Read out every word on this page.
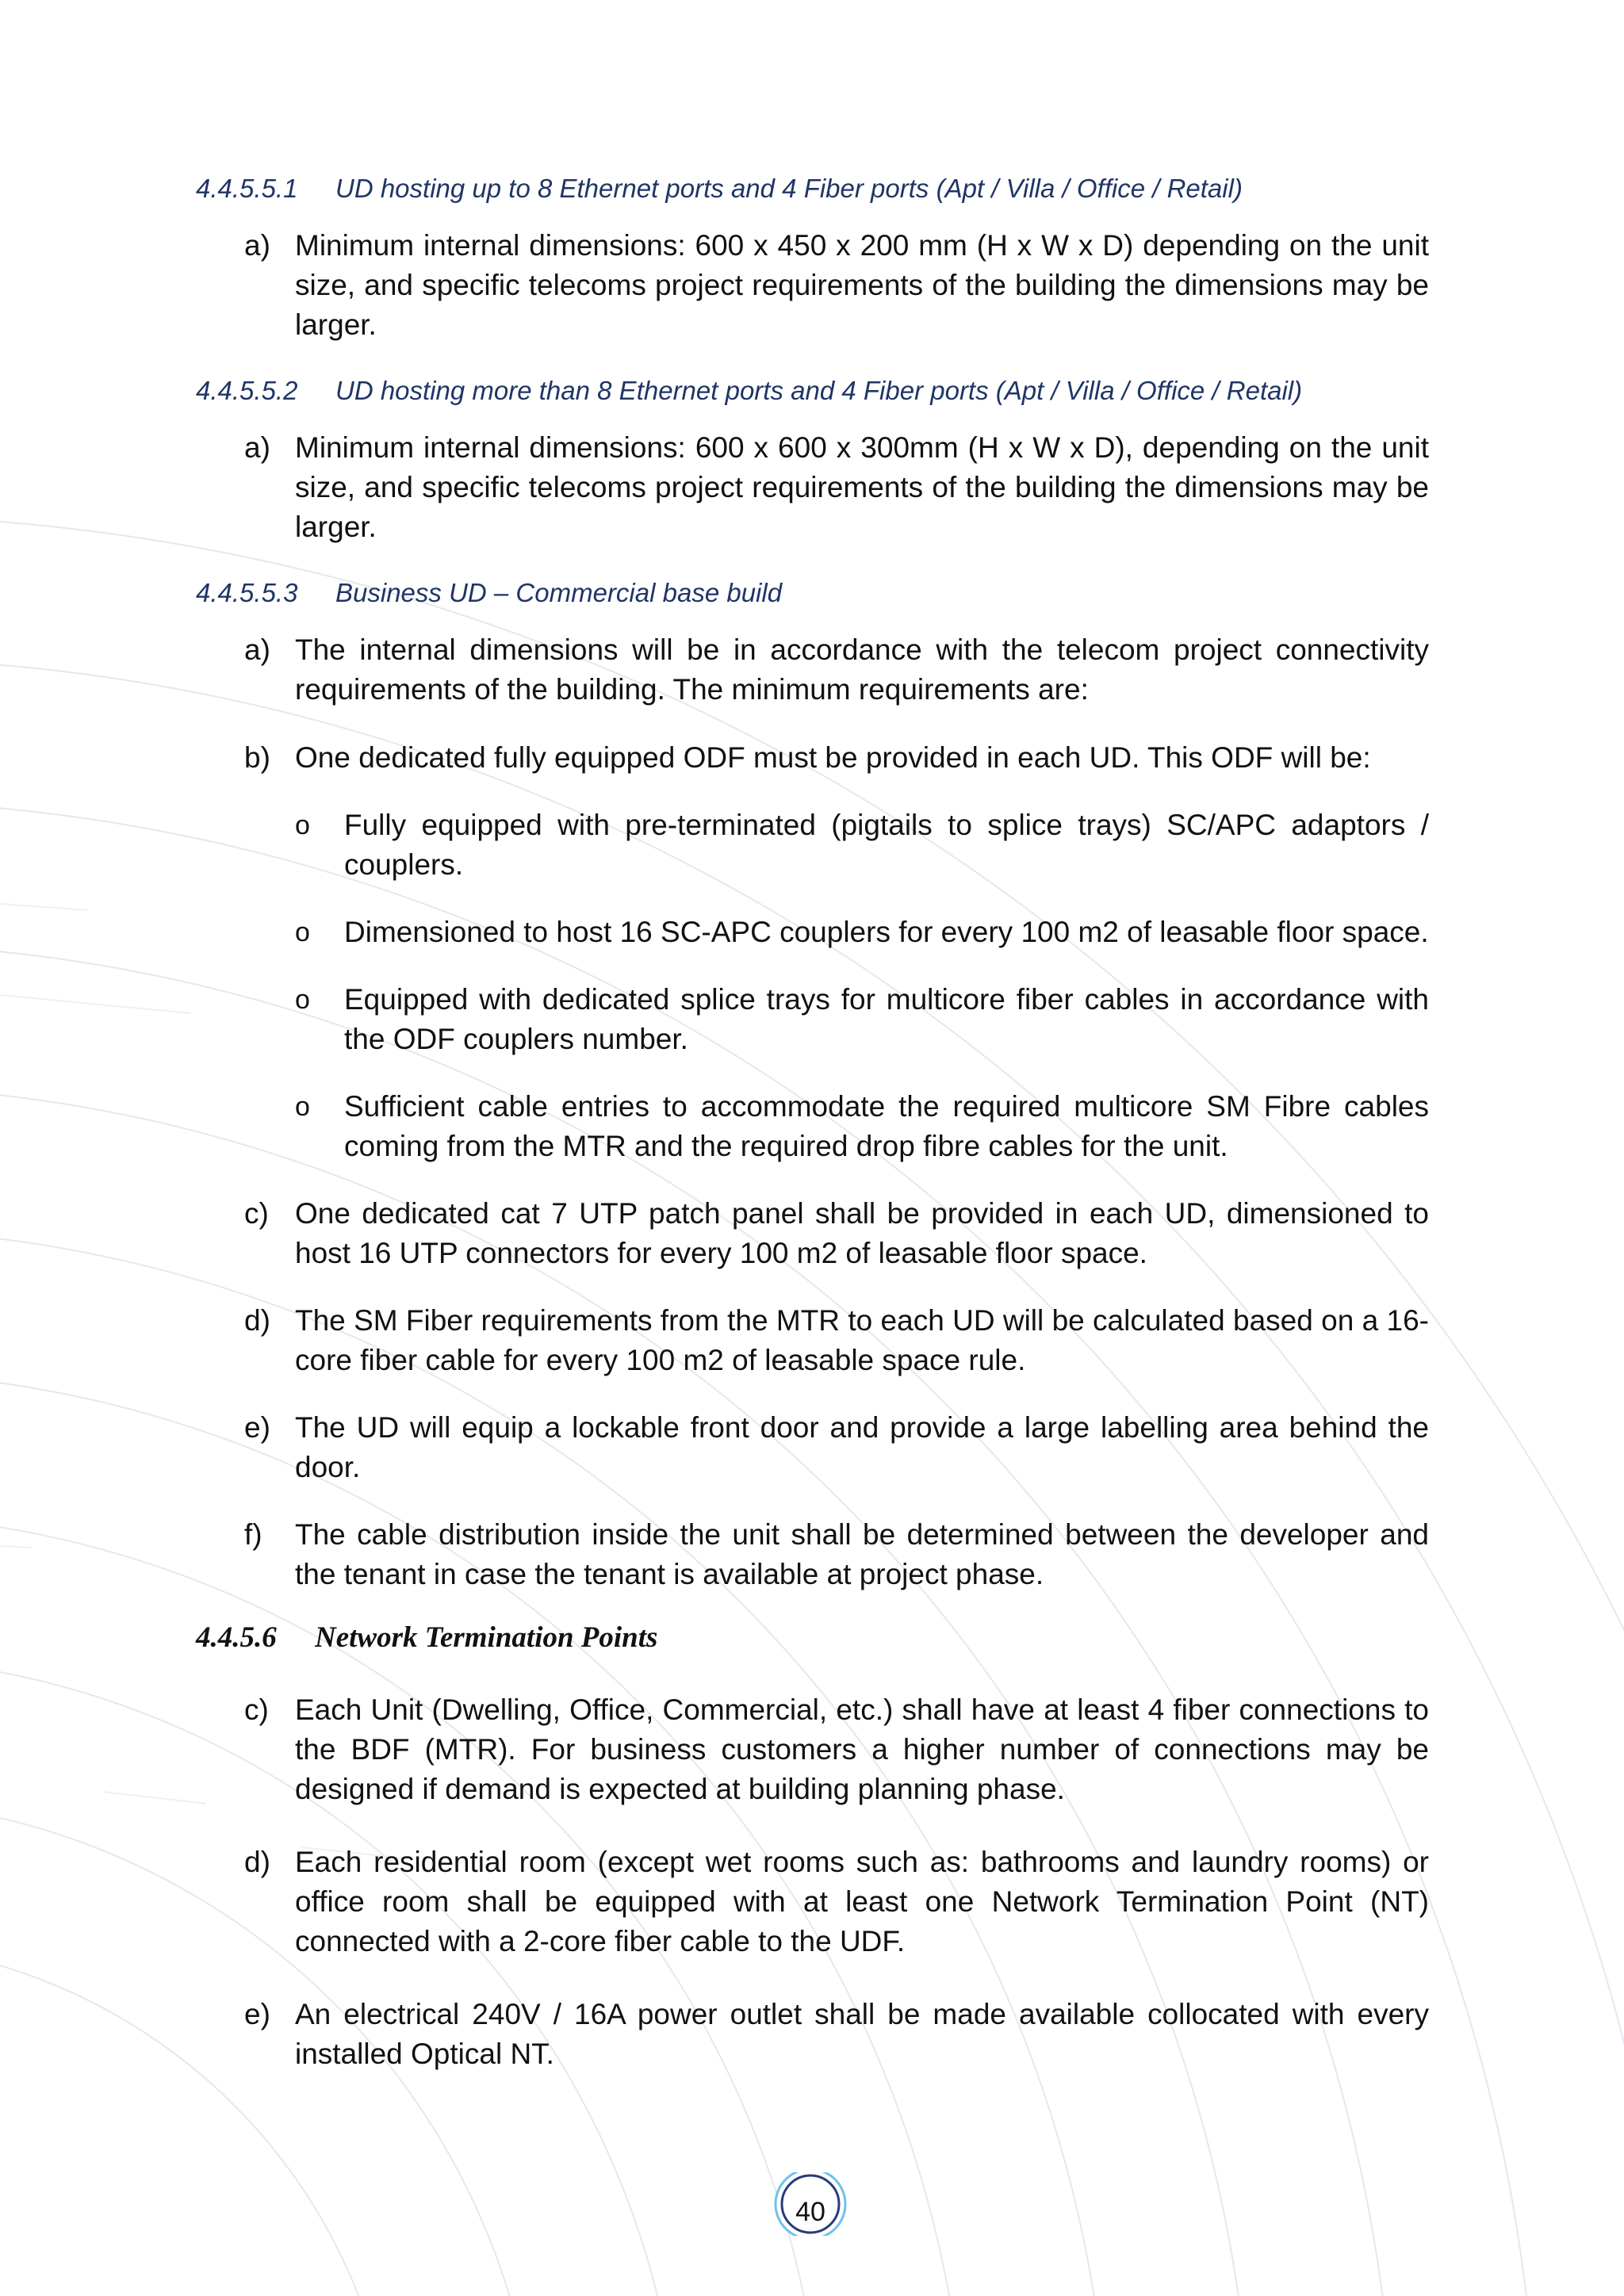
4.4.5.5.1 UD hosting up to 8 Ethernet ports and 4 Fiber ports (Apt / Villa / Office / Retail)
a) Minimum internal dimensions: 600 x 450 x 200 mm (H x W x D) depending on the unit size, and specific telecoms project requirements of the building the dimensions may be larger.
4.4.5.5.2 UD hosting more than 8 Ethernet ports and 4 Fiber ports (Apt / Villa / Office / Retail)
a) Minimum internal dimensions: 600 x 600 x 300mm (H x W x D), depending on the unit size, and specific telecoms project requirements of the building the dimensions may be larger.
4.4.5.5.3 Business UD – Commercial base build
a) The internal dimensions will be in accordance with the telecom project connectivity requirements of the building. The minimum requirements are:
b) One dedicated fully equipped ODF must be provided in each UD. This ODF will be:
o Fully equipped with pre-terminated (pigtails to splice trays) SC/APC adaptors / couplers.
o Dimensioned to host 16 SC-APC couplers for every 100 m2 of leasable floor space.
o Equipped with dedicated splice trays for multicore fiber cables in accordance with the ODF couplers number.
o Sufficient cable entries to accommodate the required multicore SM Fibre cables coming from the MTR and the required drop fibre cables for the unit.
c) One dedicated cat 7 UTP patch panel shall be provided in each UD, dimensioned to host 16 UTP connectors for every 100 m2 of leasable floor space.
d) The SM Fiber requirements from the MTR to each UD will be calculated based on a 16-core fiber cable for every 100 m2 of leasable space rule.
e) The UD will equip a lockable front door and provide a large labelling area behind the door.
f) The cable distribution inside the unit shall be determined between the developer and the tenant in case the tenant is available at project phase.
4.4.5.6 Network Termination Points
c) Each Unit (Dwelling, Office, Commercial, etc.) shall have at least 4 fiber connections to the BDF (MTR). For business customers a higher number of connections may be designed if demand is expected at building planning phase.
d) Each residential room (except wet rooms such as: bathrooms and laundry rooms) or office room shall be equipped with at least one Network Termination Point (NT) connected with a 2-core fiber cable to the UDF.
e) An electrical 240V / 16A power outlet shall be made available collocated with every installed Optical NT.
40
